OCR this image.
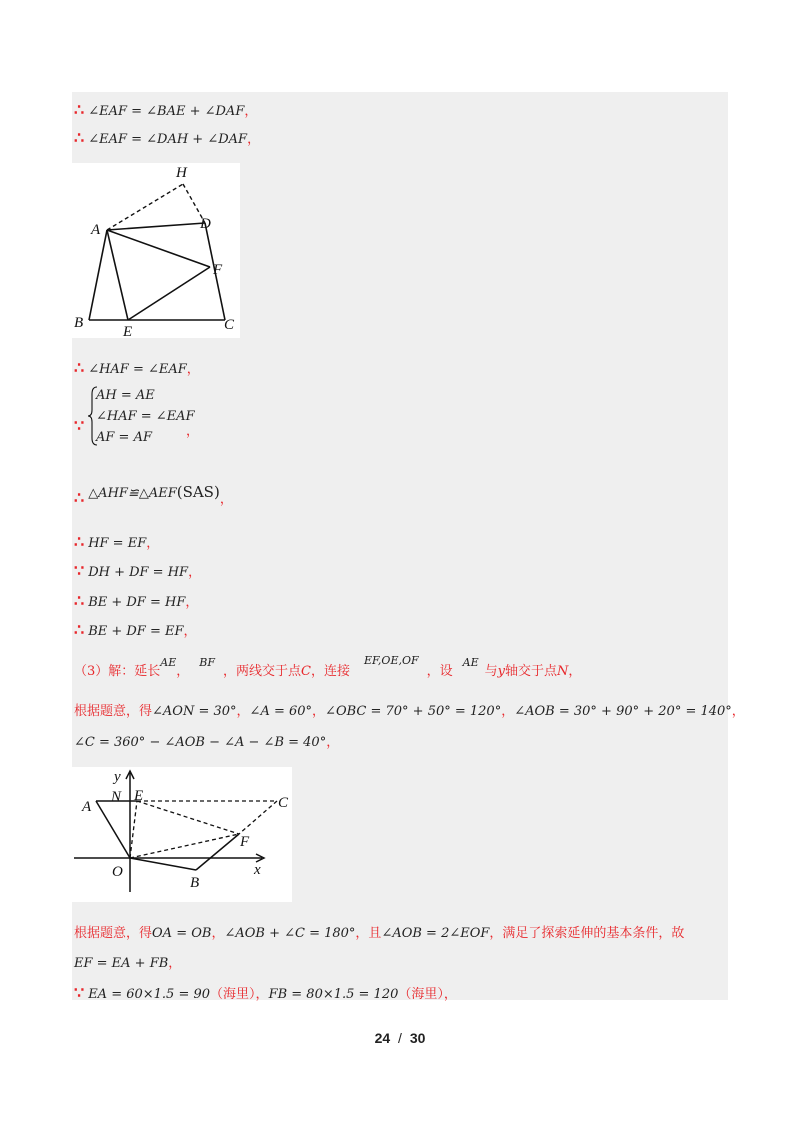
∴ ∠EAF = ∠BAE + ∠DAF，
∴ ∠EAF = ∠DAH + ∠DAF，
H
A	D
F
B
E	C
∴ ∠HAF = ∠EAF，
∵
AH = AE
∠HAF = ∠EAF
AF = AF	，
∴ △AHF≌△AEF(SAS)，
∴ HF = EF，
∵ DH + DF = HF，
∴ BE + DF = HF，
∴ BE + DF = EF，
（3）解：延长$^{AE}$，$^{BF}$，两线交于点C，连接$^{EF,OE,OF}$，设$^{AE}$与y轴交于点N，
根据题意，得∠AON = 30°，∠A = 60°，∠OBC = 70° + 50° = 120°，∠AOB = 30° + 90° + 20° = 140°，
∠C = 360° − ∠AOB − ∠A − ∠B = 40°，
y
A
N E	C
F
O
B
x
根据题意，得OA = OB，∠AOB + ∠C = 180°，且∠AOB = 2∠EOF，满足了探索延伸的基本条件，故
EF = EA + FB，
∵ EA = 60×1.5 = 90（海里），FB = 80×1.5 = 120（海里），
24 / 30
